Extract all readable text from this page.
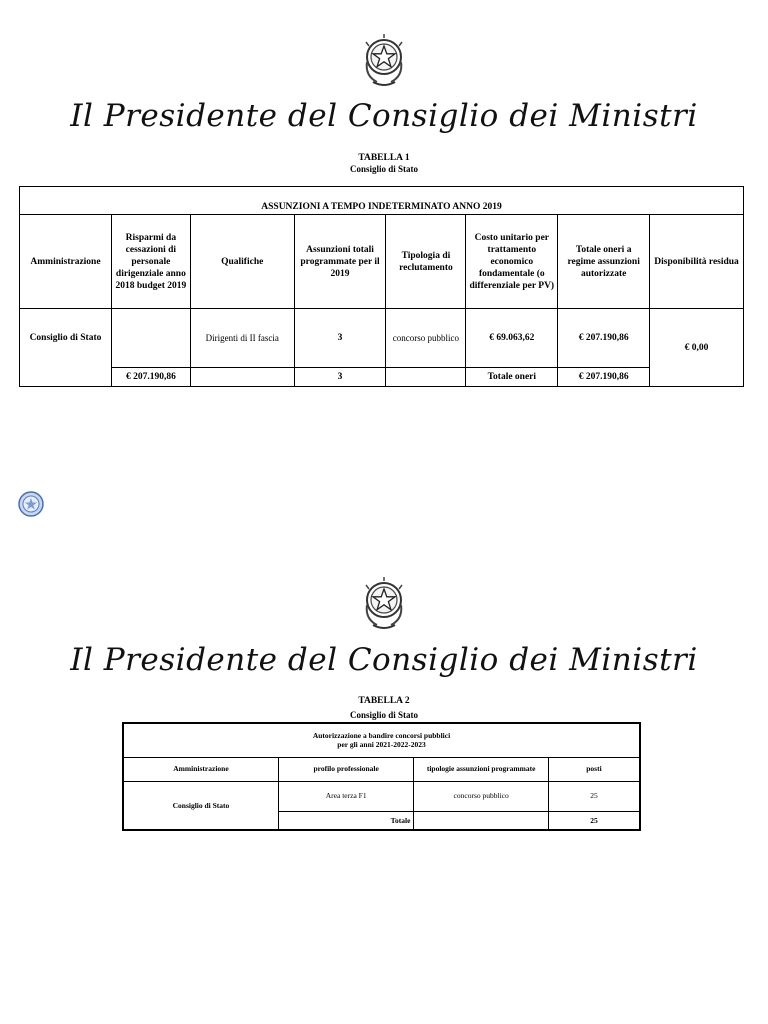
Il Presidente del Consiglio dei Ministri
TABELLA 1
Consiglio di Stato
ASSUNZIONI A TEMPO INDETERMINATO ANNO 2019							
Amministrazione	Risparmi da cessazioni di personale dirigenziale anno 2018 budget 2019	Qualifiche	Assunzioni totali programmate per il 2019	Tipologia di reclutamento	Costo unitario per trattamento economico fondamentale (o differenziale per PV)	Totale oneri a regime assunzioni autorizzate	Disponibilità residua
Consiglio di Stato		Dirigenti di II fascia	3	concorso pubblico	€ 69.063,62	€ 207.190,86	€ 0,00
	€ 207.190,86		3		Totale oneri	€ 207.190,86	
Il Presidente del Consiglio dei Ministri
TABELLA 2
Consiglio di Stato
Autorizzazione a bandire concorsi pubblici
per gli anni 2021-2022-2023			

Amministrazione	profilo professionale	tipologie assunzioni programmate	posti
Consiglio di Stato	Area terza F1	concorso pubblico	25
	Totale		25
